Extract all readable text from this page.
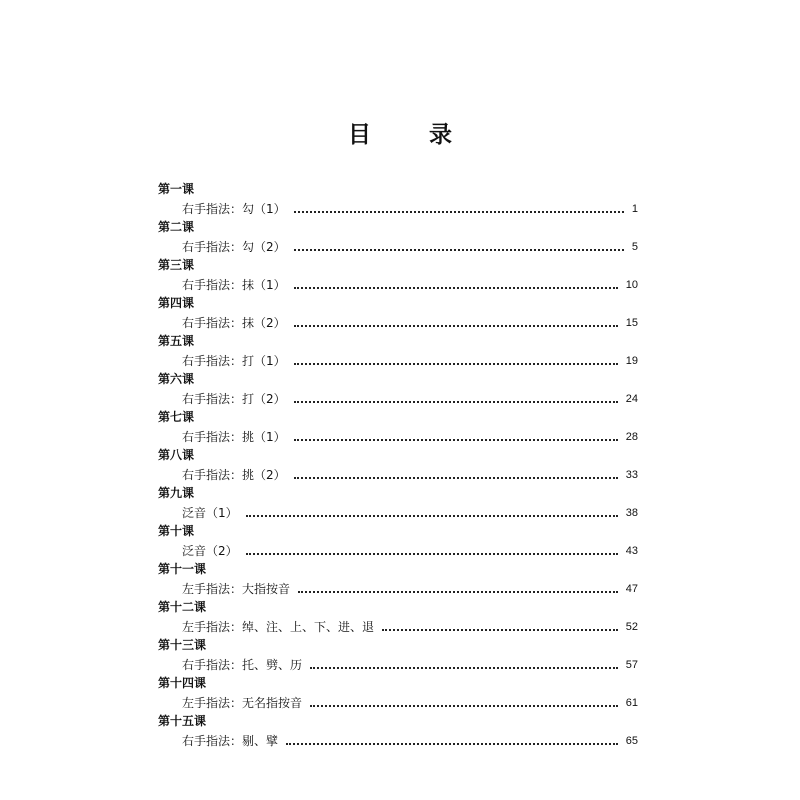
目	录
第一课
右手指法：勾（1）	1
第二课
右手指法：勾（2）	5
第三课
右手指法：抹（1）	10
第四课
右手指法：抹（2）	15
第五课
右手指法：打（1）	19
第六课
右手指法：打（2）	24
第七课
右手指法：挑（1）	28
第八课
右手指法：挑（2）	33
第九课
泛音（1）	38
第十课
泛音（2）	43
第十一课
左手指法：大指按音	47
第十二课
左手指法：绰、注、上、下、进、退	52
第十三课
右手指法：托、劈、历	57
第十四课
左手指法：无名指按音	61
第十五课
右手指法：剔、擘	65
